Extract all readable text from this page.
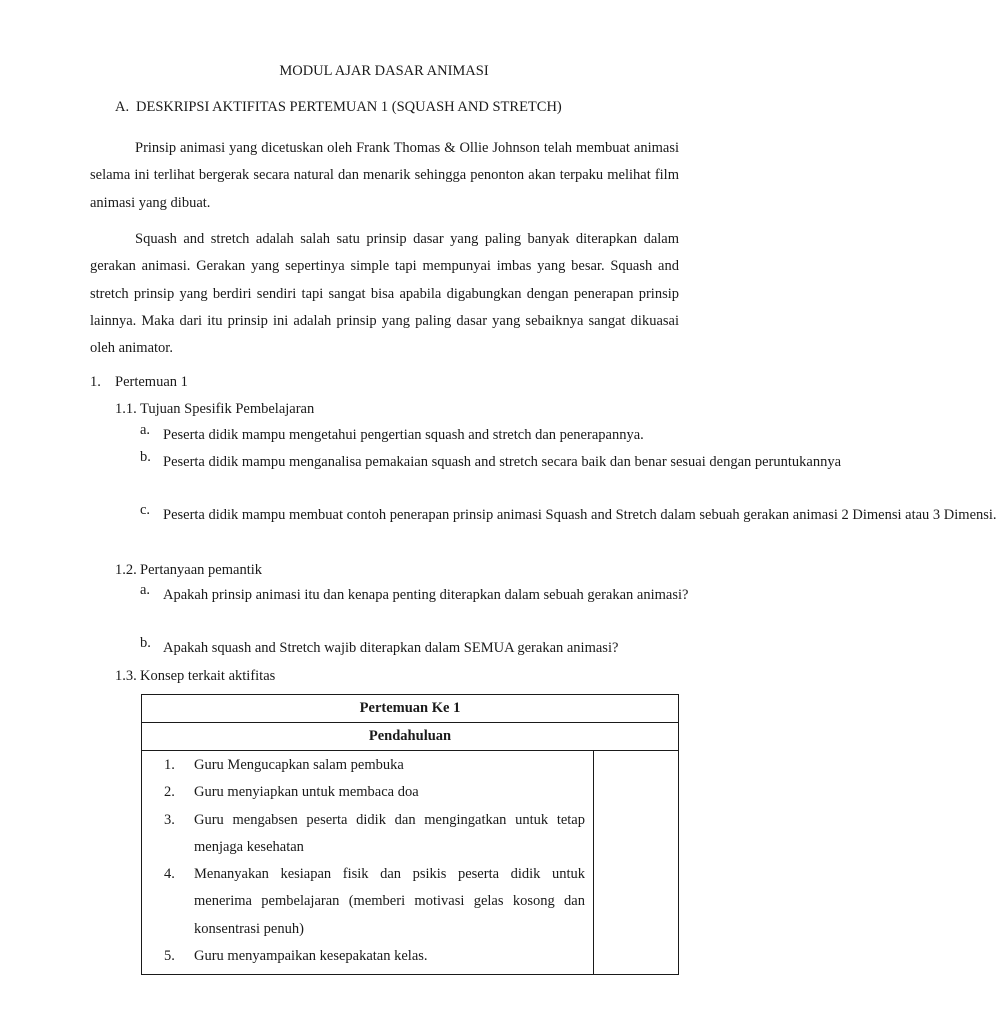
MODUL AJAR DASAR ANIMASI
A. DESKRIPSI AKTIFITAS PERTEMUAN 1 (SQUASH AND STRETCH)

Prinsip animasi yang dicetuskan oleh Frank Thomas & Ollie Johnson telah membuat animasi selama ini terlihat bergerak secara natural dan menarik sehingga penonton akan terpaku melihat film animasi yang dibuat.

Squash and stretch adalah salah satu prinsip dasar yang paling banyak diterapkan dalam gerakan animasi. Gerakan yang sepertinya simple tapi mempunyai imbas yang besar. Squash and stretch prinsip yang berdiri sendiri tapi sangat bisa apabila digabungkan dengan penerapan prinsip lainnya. Maka dari itu prinsip ini adalah prinsip yang paling dasar yang sebaiknya sangat dikuasai oleh animator.

1. Pertemuan 1
1.1. Tujuan Spesifik Pembelajaran
a. Peserta didik mampu mengetahui pengertian squash and stretch dan penerapannya.
b. Peserta didik mampu menganalisa pemakaian squash and stretch secara baik dan benar sesuai dengan peruntukannya
c. Peserta didik mampu membuat contoh penerapan prinsip animasi Squash and Stretch dalam sebuah gerakan animasi 2 Dimensi atau 3 Dimensi.
1.2. Pertanyaan pemantik
a. Apakah prinsip animasi itu dan kenapa penting diterapkan dalam sebuah gerakan animasi?
b. Apakah squash and Stretch wajib diterapkan dalam SEMUA gerakan animasi?
1.3. Konsep terkait aktifitas
Pertemuan Ke 1
Pendahuluan

1.	Guru Mengucapkan salam pembuka
2.	Guru menyiapkan untuk membaca doa
3.	Guru mengabsen peserta didik dan mengingatkan untuk tetap menjaga kesehatan
4.	Menanyakan kesiapan fisik dan psikis peserta didik untuk menerima pembelajaran (memberi motivasi gelas kosong dan konsentrasi penuh)
5.	Guru menyampaikan kesepakatan kelas.
